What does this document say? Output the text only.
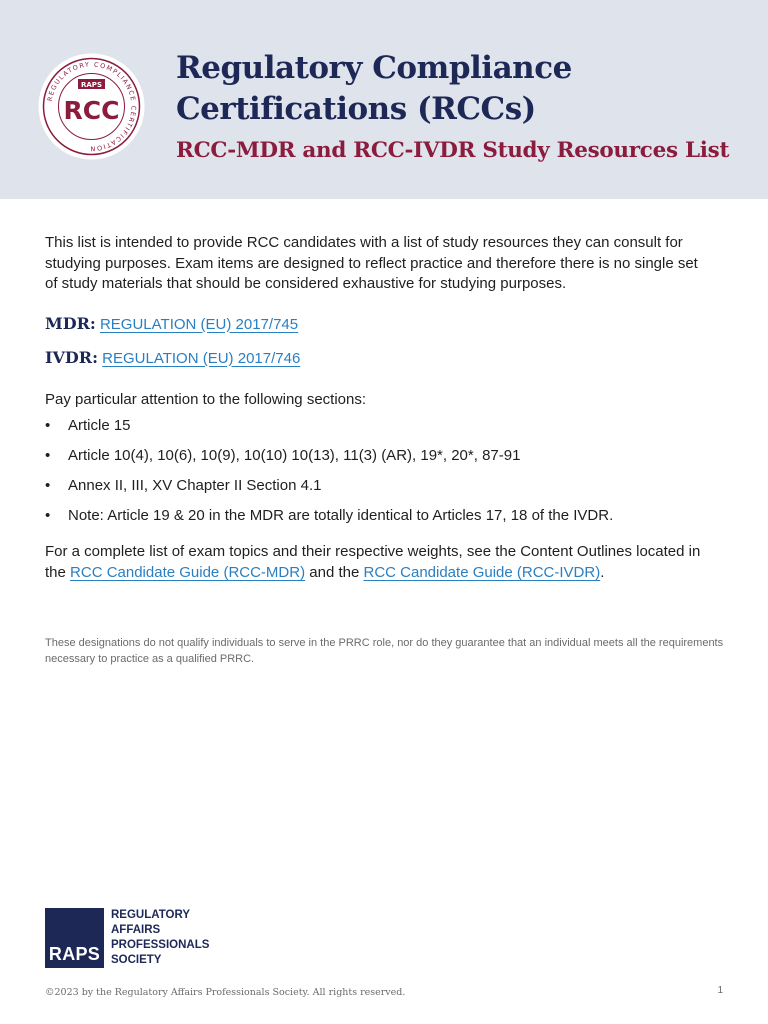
REGULATORY COMPLIANCE CERTIFICATION
RAPS
RCC
Regulatory Compliance
Certifications (RCCs)
RCC-MDR and RCC-IVDR Study Resources List

This list is intended to provide RCC candidates with a list of study resources they can consult for studying purposes. Exam items are designed to reflect practice and therefore there is no single set of study materials that should be considered exhaustive for studying purposes.

MDR: REGULATION (EU) 2017/745

IVDR: REGULATION (EU) 2017/746

Pay particular attention to the following sections:

• Article 15
• Article 10(4), 10(6), 10(9), 10(10) 10(13), 11(3) (AR), 19*, 20*, 87-91
• Annex II, III, XV Chapter II Section 4.1
• Note: Article 19 & 20 in the MDR are totally identical to Articles 17, 18 of the IVDR.

For a complete list of exam topics and their respective weights, see the Content Outlines located in the RCC Candidate Guide (RCC-MDR) and the RCC Candidate Guide (RCC-IVDR).

These designations do not qualify individuals to serve in the PRRC role, nor do they guarantee that an individual meets all the requirements necessary to practice as a qualified PRRC.

RAPS
REGULATORY
AFFAIRS
PROFESSIONALS
SOCIETY

©2023 by the Regulatory Affairs Professionals Society. All rights reserved.	1
